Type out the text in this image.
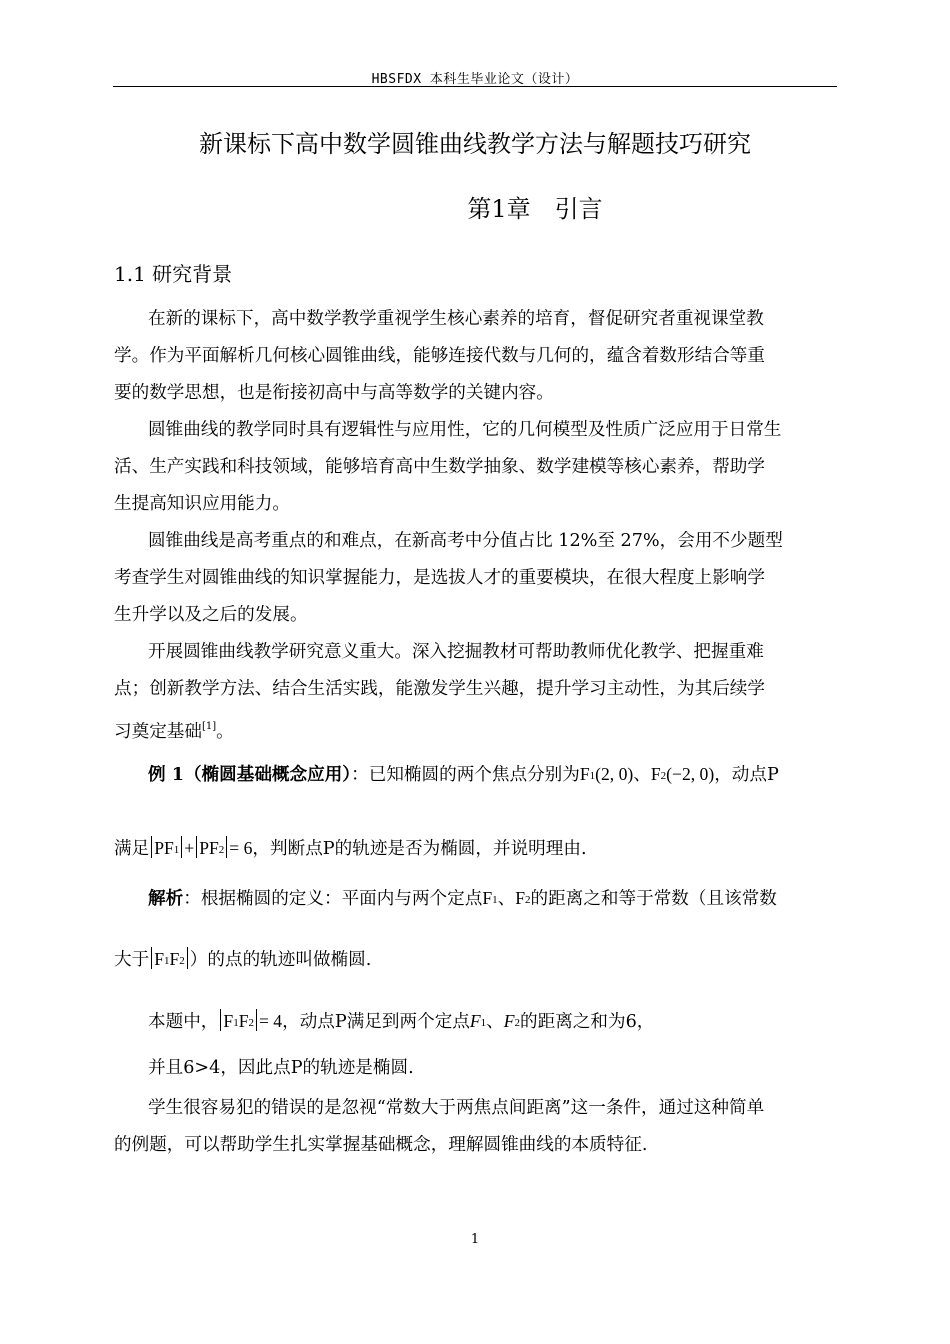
HBSFDX 本科生毕业论文（设计）
新课标下高中数学圆锥曲线教学方法与解题技巧研究
第1章　引言
1.1 研究背景
在新的课标下，高中数学教学重视学生核心素养的培育，督促研究者重视课堂教
学。作为平面解析几何核心圆锥曲线，能够连接代数与几何的，蕴含着数形结合等重
要的数学思想，也是衔接初高中与高等数学的关键内容。
圆锥曲线的教学同时具有逻辑性与应用性，它的几何模型及性质广泛应用于日常生
活、生产实践和科技领域，能够培育高中生数学抽象、数学建模等核心素养，帮助学
生提高知识应用能力。
圆锥曲线是高考重点的和难点，在新高考中分值占比 12%至 27%，会用不少题型
考查学生对圆锥曲线的知识掌握能力，是选拔人才的重要模块，在很大程度上影响学
生升学以及之后的发展。
开展圆锥曲线教学研究意义重大。深入挖掘教材可帮助教师优化教学、把握重难
点；创新教学方法、结合生活实践，能激发学生兴趣，提升学习主动性，为其后续学
习奠定基础[1]。
例 1（椭圆基础概念应用）：已知椭圆的两个焦点分别为F1(2, 0)、F2(−2, 0)，动点P
满足 PF1 + PF2 = 6，判断点P的轨迹是否为椭圆，并说明理由.
解析：根据椭圆的定义：平面内与两个定点F1、F2的距离之和等于常数（且该常数
大于 F1F2 ）的点的轨迹叫做椭圆.
本题中， F1F2 = 4，动点P满足到两个定点F1、F2的距离之和为6，
并且6>4，因此点P的轨迹是椭圆.
学生很容易犯的错误的是忽视“常数大于两焦点间距离”这一条件，通过这种简单
的例题，可以帮助学生扎实掌握基础概念，理解圆锥曲线的本质特征.
1
